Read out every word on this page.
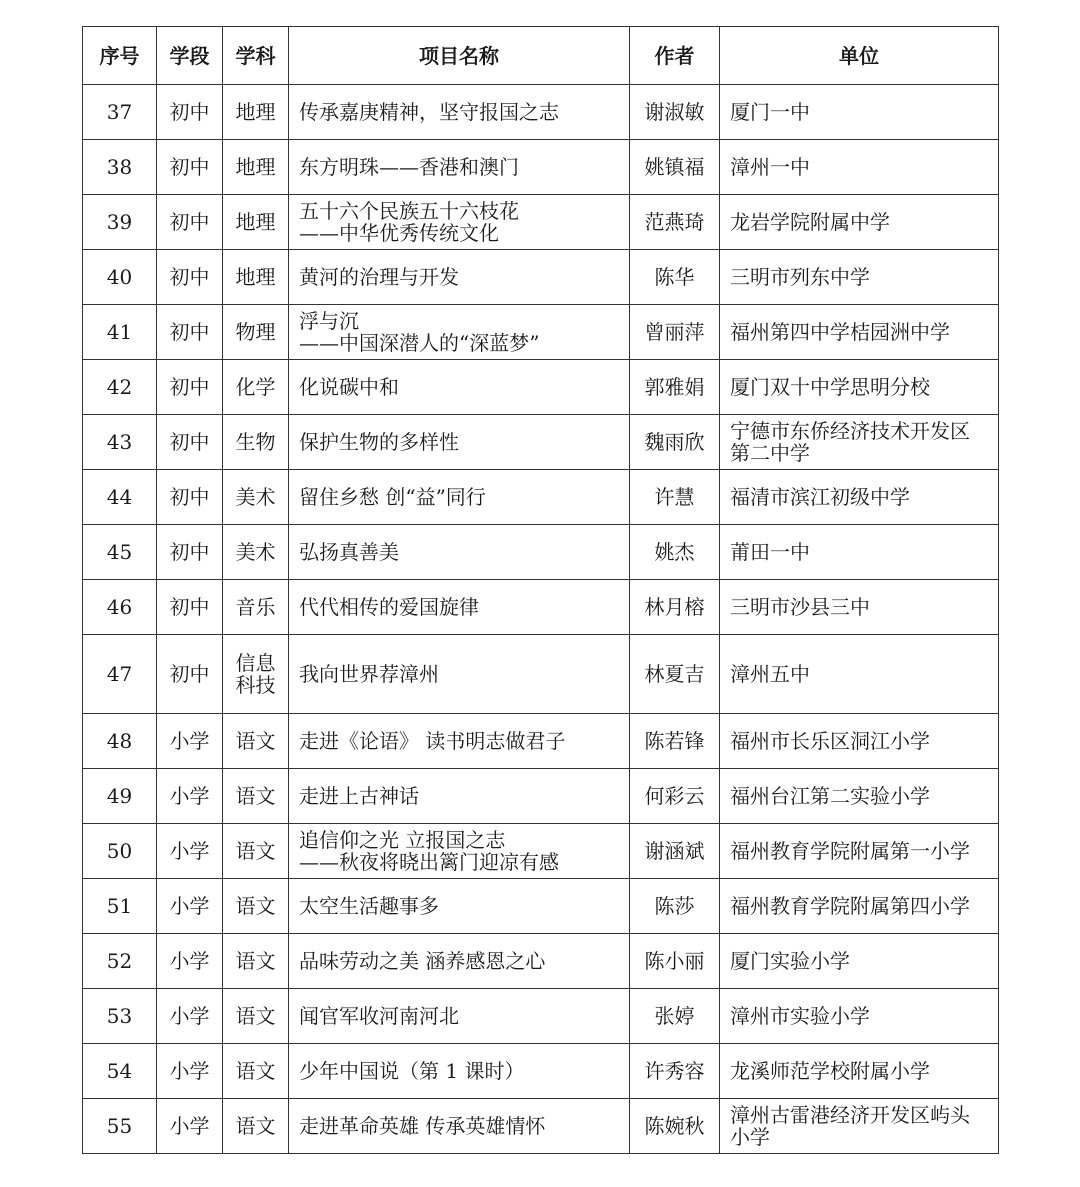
序号	学段	学科	项目名称	作者	单位
37	初中	地理	传承嘉庚精神，坚守报国之志	谢淑敏	厦门一中
38	初中	地理	东方明珠——香港和澳门	姚镇福	漳州一中
39	初中	地理	五十六个民族五十六枝花
——中华优秀传统文化	范燕琦	龙岩学院附属中学
40	初中	地理	黄河的治理与开发	陈华	三明市列东中学
41	初中	物理	浮与沉
——中国深潜人的“深蓝梦”	曾丽萍	福州第四中学桔园洲中学
42	初中	化学	化说碳中和	郭雅娟	厦门双十中学思明分校
43	初中	生物	保护生物的多样性	魏雨欣	宁德市东侨经济技术开发区
第二中学
44	初中	美术	留住乡愁 创“益”同行	许慧	福清市滨江初级中学
45	初中	美术	弘扬真善美	姚杰	莆田一中
46	初中	音乐	代代相传的爱国旋律	林月榕	三明市沙县三中
47	初中	信息
科技	我向世界荐漳州	林夏吉	漳州五中
48	小学	语文	走进《论语》 读书明志做君子	陈若锋	福州市长乐区洞江小学
49	小学	语文	走进上古神话	何彩云	福州台江第二实验小学
50	小学	语文	追信仰之光 立报国之志
——秋夜将晓出篱门迎凉有感	谢涵斌	福州教育学院附属第一小学
51	小学	语文	太空生活趣事多	陈莎	福州教育学院附属第四小学
52	小学	语文	品味劳动之美 涵养感恩之心	陈小丽	厦门实验小学
53	小学	语文	闻官军收河南河北	张婷	漳州市实验小学
54	小学	语文	少年中国说（第 1 课时）	许秀容	龙溪师范学校附属小学
55	小学	语文	走进革命英雄 传承英雄情怀	陈婉秋	漳州古雷港经济开发区屿头
小学
